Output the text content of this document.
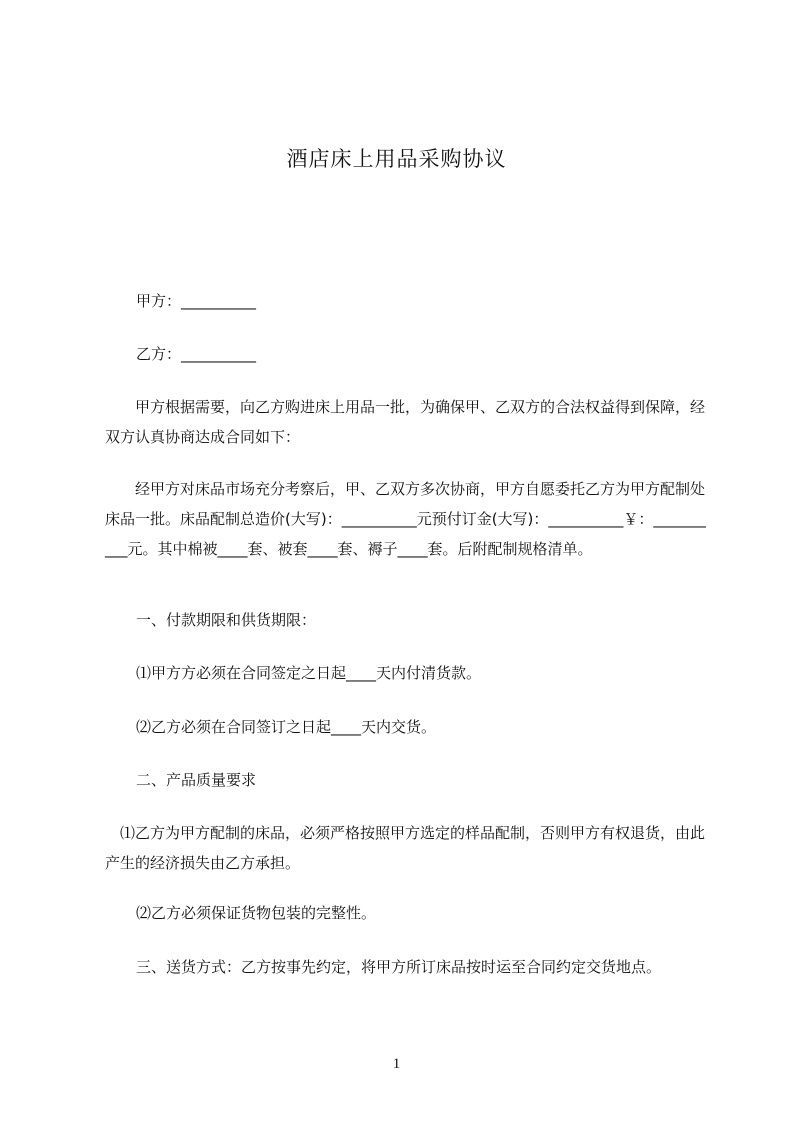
酒店床上用品采购协议
甲方：__________
乙方：__________
　　甲方根据需要，向乙方购进床上用品一批，为确保甲、乙双方的合法权益得到保障，经双方认真协商达成合同如下：
　　经甲方对床品市场充分考察后，甲、乙双方多次协商，甲方自愿委托乙方为甲方配制处床品一批。床品配制总造价(大写)：__________元预付订金(大写)：__________￥：__________元。其中棉被____套、被套____套、褥子____套。后附配制规格清单。
一、付款期限和供货期限：
⑴甲方方必须在合同签定之日起____天内付清货款。
⑵乙方必须在合同签订之日起____天内交货。
二、产品质量要求
　⑴乙方为甲方配制的床品，必须严格按照甲方选定的样品配制，否则甲方有权退货，由此产生的经济损失由乙方承担。
⑵乙方必须保证货物包装的完整性。
三、送货方式：乙方按事先约定，将甲方所订床品按时运至合同约定交货地点。
1
